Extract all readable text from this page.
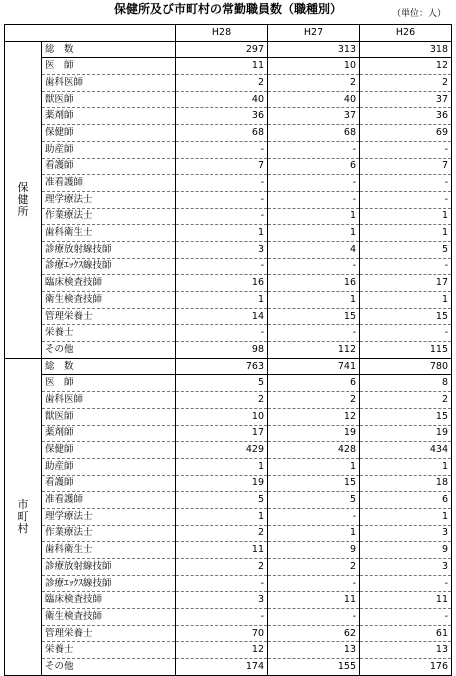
保健所及び市町村の常勤職員数（職種別）	（単位：人）
		H28	H27	H26
保
健
所	総　数	297	313	318
	医　師	11	10	12
	歯科医師	2	2	2
	獣医師	40	40	37
	薬剤師	36	37	36
	保健師	68	68	69
	助産師	-	-	-
	看護師	7	6	7
	准看護師	-	-	-
	理学療法士	-	-	-
	作業療法士	-	1	1
	歯科衛生士	1	1	1
	診療放射線技師	3	4	5
	診療ｴｯｸｽ線技師	-	-	-
	臨床検査技師	16	16	17
	衛生検査技師	1	1	1
	管理栄養士	14	15	15
	栄養士	-	-	-
	その他	98	112	115
市
町
村	総　数	763	741	780
	医　師	5	6	8
	歯科医師	2	2	2
	獣医師	10	12	15
	薬剤師	17	19	19
	保健師	429	428	434
	助産師	1	1	1
	看護師	19	15	18
	准看護師	5	5	6
	理学療法士	1	-	1
	作業療法士	2	1	3
	歯科衛生士	11	9	9
	診療放射線技師	2	2	3
	診療ｴｯｸｽ線技師	-	-	-
	臨床検査技師	3	11	11
	衛生検査技師	-	-	-
	管理栄養士	70	62	61
	栄養士	12	13	13
	その他	174	155	176
